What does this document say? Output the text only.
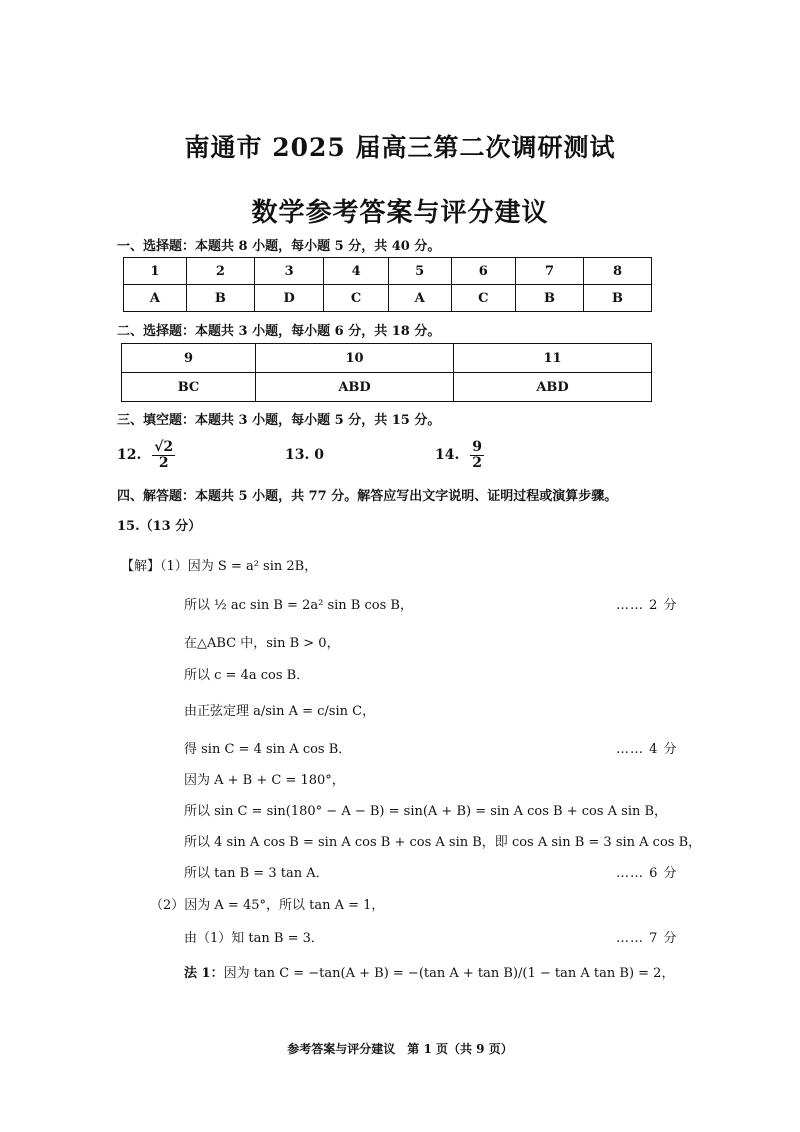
南通市 2025 届高三第二次调研测试
数学参考答案与评分建议
一、选择题：本题共 8 小题，每小题 5 分，共 40 分。
1	2	3	4	5	6	7	8
A	B	D	C	A	C	B	B
二、选择题：本题共 3 小题，每小题 6 分，共 18 分。
9	10	11
BC	ABD	ABD
三、填空题：本题共 3 小题，每小题 5 分，共 15 分。
12. $\frac{√2}{2}$	13. 0	14. $\frac{9}{2}$
四、解答题：本题共 5 小题，共 77 分。解答应写出文字说明、证明过程或演算步骤。
15.（13 分）
【解】（1）因为 S = a² sin 2B，
所以 ½ ac sin B = 2a² sin B cos B，	…… 2 分
在△ABC 中，sin B > 0，
所以 c = 4a cos B．
由正弦定理 a/sin A = c/sin C，
得 sin C = 4 sin A cos B．	…… 4 分
因为 A + B + C = 180°，
所以 sin C = sin(180° − A − B) = sin(A + B) = sin A cos B + cos A sin B，
所以 4 sin A cos B = sin A cos B + cos A sin B，即 cos A sin B = 3 sin A cos B，
所以 tan B = 3 tan A．	…… 6 分
（2）因为 A = 45°，所以 tan A = 1，
由（1）知 tan B = 3．	…… 7 分
法 1：因为 tan C = −tan(A + B) = −(tan A + tan B)/(1 − tan A tan B) = 2，
参考答案与评分建议　第 1 页（共 9 页）
